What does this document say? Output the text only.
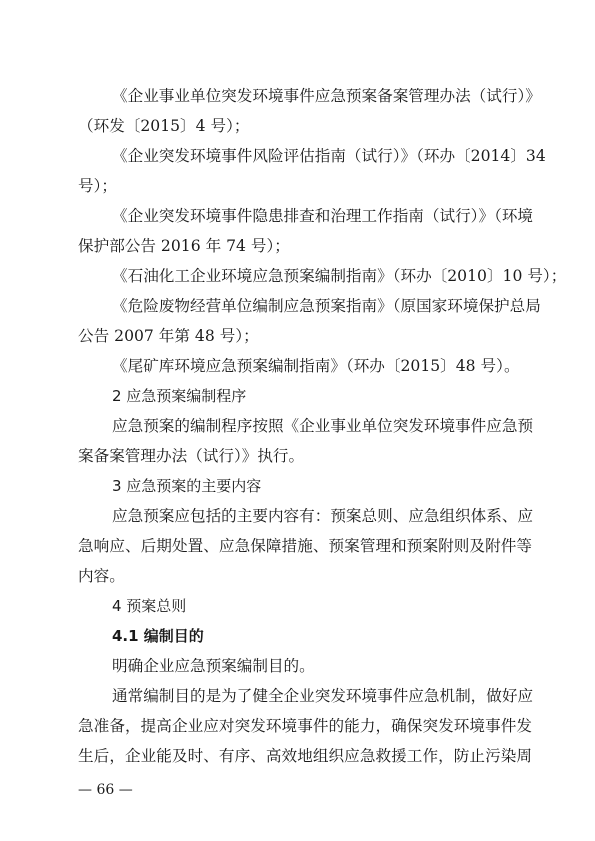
《企业事业单位突发环境事件应急预案备案管理办法（试行）》
（环发〔2015〕4 号）；
《企业突发环境事件风险评估指南（试行）》（环办〔2014〕34
号）；
《企业突发环境事件隐患排查和治理工作指南（试行）》（环境
保护部公告 2016 年 74 号）；
《石油化工企业环境应急预案编制指南》（环办〔2010〕10 号）；
《危险废物经营单位编制应急预案指南》（原国家环境保护总局
公告 2007 年第 48 号）；
《尾矿库环境应急预案编制指南》（环办〔2015〕48 号）。
2 应急预案编制程序
应急预案的编制程序按照《企业事业单位突发环境事件应急预
案备案管理办法（试行）》执行。
3 应急预案的主要内容
应急预案应包括的主要内容有：预案总则、应急组织体系、应
急响应、后期处置、应急保障措施、预案管理和预案附则及附件等
内容。
4 预案总则
4.1 编制目的
明确企业应急预案编制目的。
通常编制目的是为了健全企业突发环境事件应急机制，做好应
急准备，提高企业应对突发环境事件的能力，确保突发环境事件发
生后，企业能及时、有序、高效地组织应急救援工作，防止污染周
— 66 —
